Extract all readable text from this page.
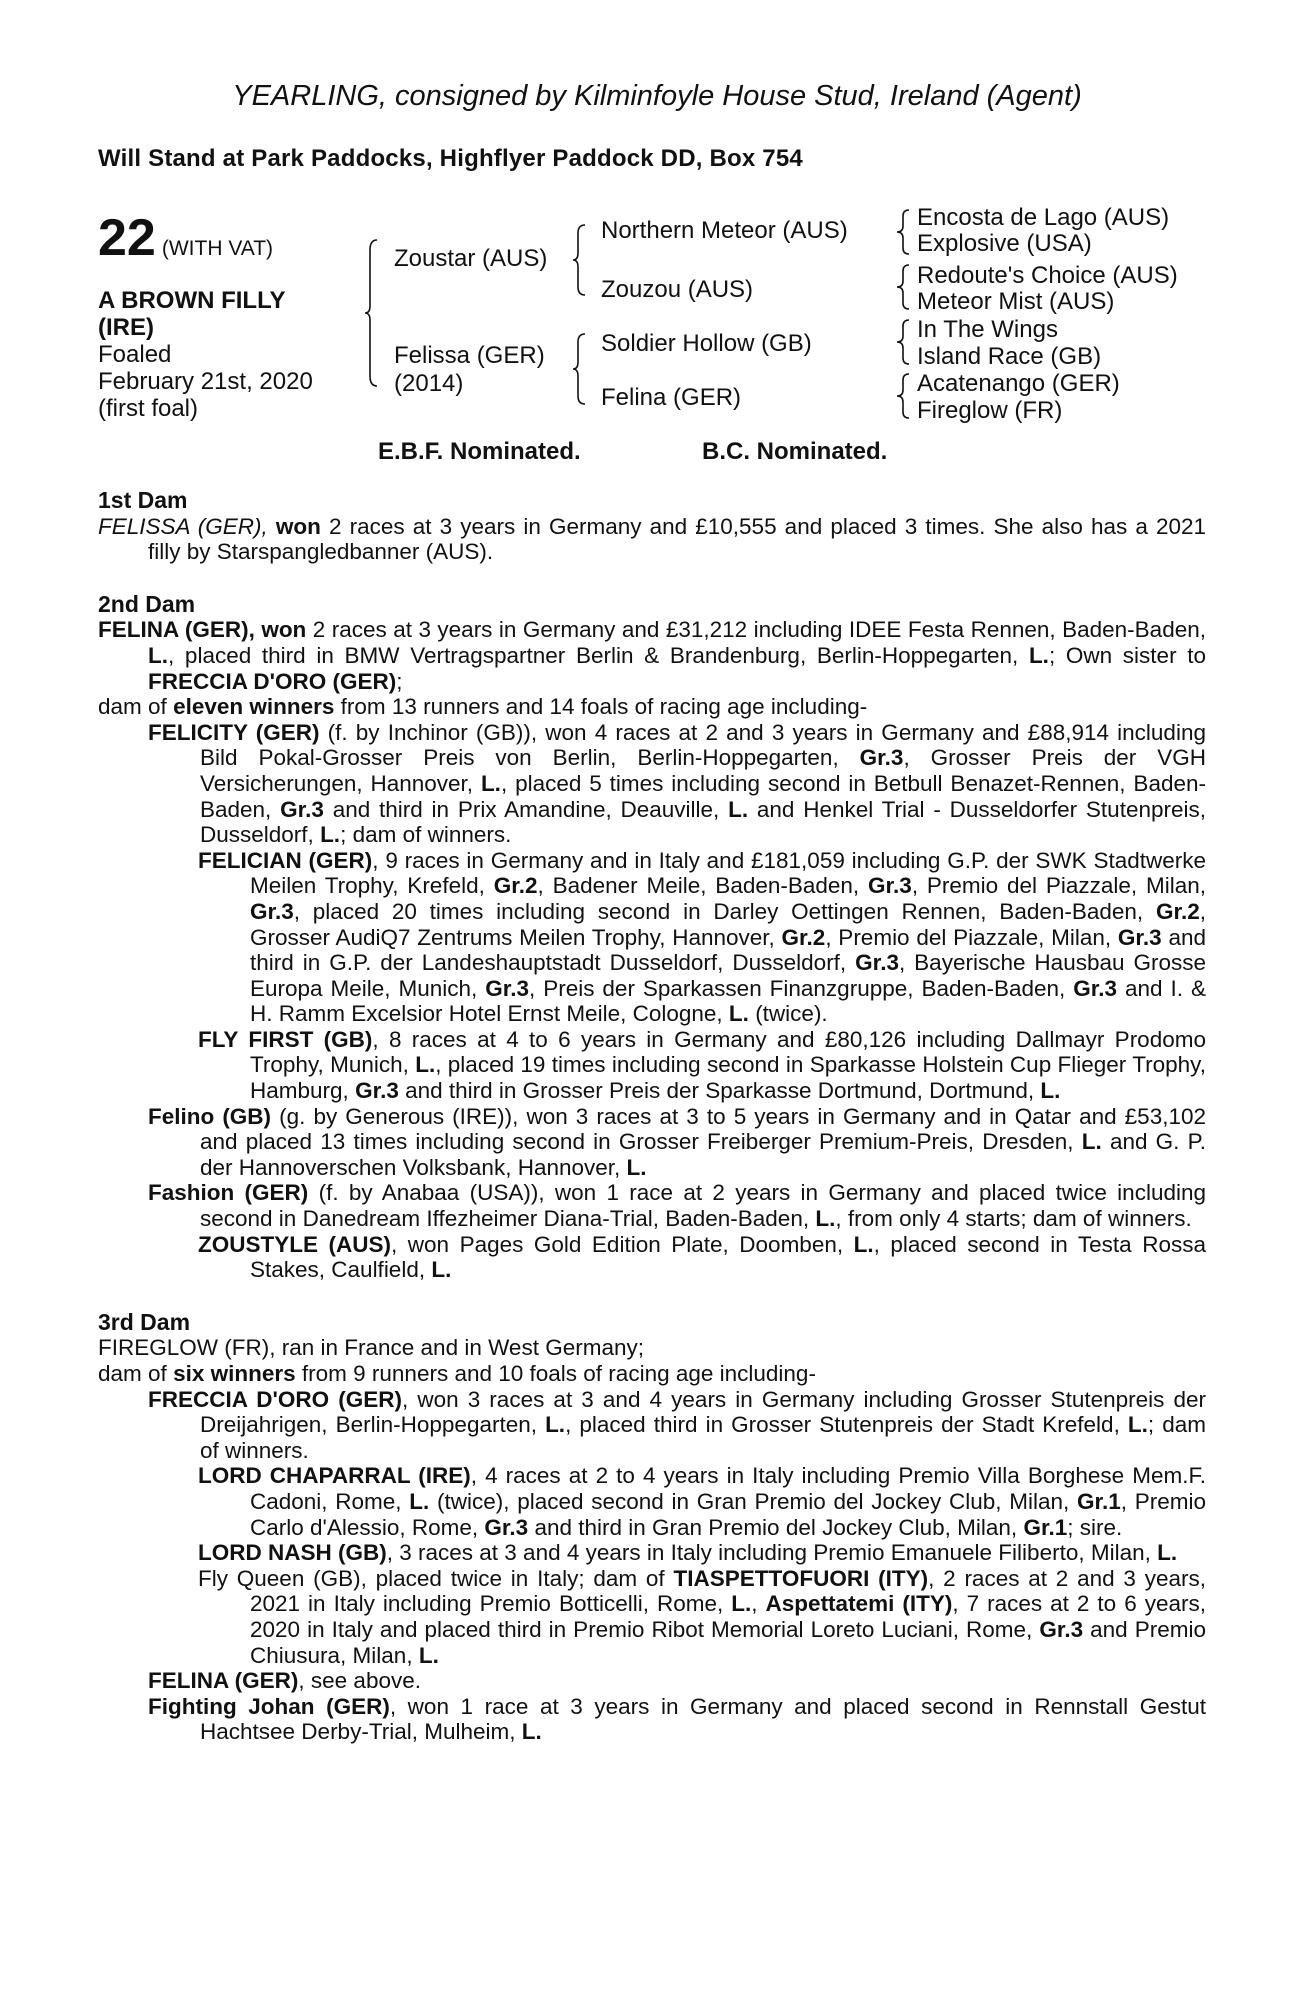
YEARLING, consigned by Kilminfoyle House Stud, Ireland (Agent)
Will Stand at Park Paddocks, Highflyer Paddock DD, Box 754
22 (WITH VAT)
A BROWN FILLY
(IRE)
Foaled
February 21st, 2020
(first foal)
Zoustar (AUS)
Felissa (GER)
(2014)
Northern Meteor (AUS)
Zouzou (AUS)
Soldier Hollow (GB)
Felina (GER)
Encosta de Lago (AUS)
Explosive (USA)
Redoute's Choice (AUS)
Meteor Mist (AUS)
In The Wings
Island Race (GB)
Acatenango (GER)
Fireglow (FR)
E.B.F. Nominated.	B.C. Nominated.
1st Dam

FELISSA (GER), won 2 races at 3 years in Germany and £10,555 and placed 3 times. She also has a 2021 filly by Starspangledbanner (AUS).

2nd Dam

FELINA (GER), won 2 races at 3 years in Germany and £31,212 including IDEE Festa Rennen, Baden-Baden, L., placed third in BMW Vertragspartner Berlin & Brandenburg, Berlin-Hoppegarten, L.; Own sister to FRECCIA D'ORO (GER);

dam of eleven winners from 13 runners and 14 foals of racing age including-

FELICITY (GER) (f. by Inchinor (GB)), won 4 races at 2 and 3 years in Germany and £88,914 including Bild Pokal-Grosser Preis von Berlin, Berlin-Hoppegarten, Gr.3, Grosser Preis der VGH Versicherungen, Hannover, L., placed 5 times including second in Betbull Benazet-Rennen, Baden-Baden, Gr.3 and third in Prix Amandine, Deauville, L. and Henkel Trial - Dusseldorfer Stutenpreis, Dusseldorf, L.; dam of winners.

FELICIAN (GER), 9 races in Germany and in Italy and £181,059 including G.P. der SWK Stadtwerke Meilen Trophy, Krefeld, Gr.2, Badener Meile, Baden-Baden, Gr.3, Premio del Piazzale, Milan, Gr.3, placed 20 times including second in Darley Oettingen Rennen, Baden-Baden, Gr.2, Grosser AudiQ7 Zentrums Meilen Trophy, Hannover, Gr.2, Premio del Piazzale, Milan, Gr.3 and third in G.P. der Landeshauptstadt Dusseldorf, Dusseldorf, Gr.3, Bayerische Hausbau Grosse Europa Meile, Munich, Gr.3, Preis der Sparkassen Finanzgruppe, Baden-Baden, Gr.3 and I. & H. Ramm Excelsior Hotel Ernst Meile, Cologne, L. (twice).

FLY FIRST (GB), 8 races at 4 to 6 years in Germany and £80,126 including Dallmayr Prodomo Trophy, Munich, L., placed 19 times including second in Sparkasse Holstein Cup Flieger Trophy, Hamburg, Gr.3 and third in Grosser Preis der Sparkasse Dortmund, Dortmund, L.

Felino (GB) (g. by Generous (IRE)), won 3 races at 3 to 5 years in Germany and in Qatar and £53,102 and placed 13 times including second in Grosser Freiberger Premium-Preis, Dresden, L. and G. P. der Hannoverschen Volksbank, Hannover, L.

Fashion (GER) (f. by Anabaa (USA)), won 1 race at 2 years in Germany and placed twice including second in Danedream Iffezheimer Diana-Trial, Baden-Baden, L., from only 4 starts; dam of winners.

ZOUSTYLE (AUS), won Pages Gold Edition Plate, Doomben, L., placed second in Testa Rossa Stakes, Caulfield, L.

3rd Dam

FIREGLOW (FR), ran in France and in West Germany;

dam of six winners from 9 runners and 10 foals of racing age including-

FRECCIA D'ORO (GER), won 3 races at 3 and 4 years in Germany including Grosser Stutenpreis der Dreijahrigen, Berlin-Hoppegarten, L., placed third in Grosser Stutenpreis der Stadt Krefeld, L.; dam of winners.

LORD CHAPARRAL (IRE), 4 races at 2 to 4 years in Italy including Premio Villa Borghese Mem.F. Cadoni, Rome, L. (twice), placed second in Gran Premio del Jockey Club, Milan, Gr.1, Premio Carlo d'Alessio, Rome, Gr.3 and third in Gran Premio del Jockey Club, Milan, Gr.1; sire.

LORD NASH (GB), 3 races at 3 and 4 years in Italy including Premio Emanuele Filiberto, Milan, L.

Fly Queen (GB), placed twice in Italy; dam of TIASPETTOFUORI (ITY), 2 races at 2 and 3 years, 2021 in Italy including Premio Botticelli, Rome, L., Aspettatemi (ITY), 7 races at 2 to 6 years, 2020 in Italy and placed third in Premio Ribot Memorial Loreto Luciani, Rome, Gr.3 and Premio Chiusura, Milan, L.

FELINA (GER), see above.

Fighting Johan (GER), won 1 race at 3 years in Germany and placed second in Rennstall Gestut Hachtsee Derby-Trial, Mulheim, L.
